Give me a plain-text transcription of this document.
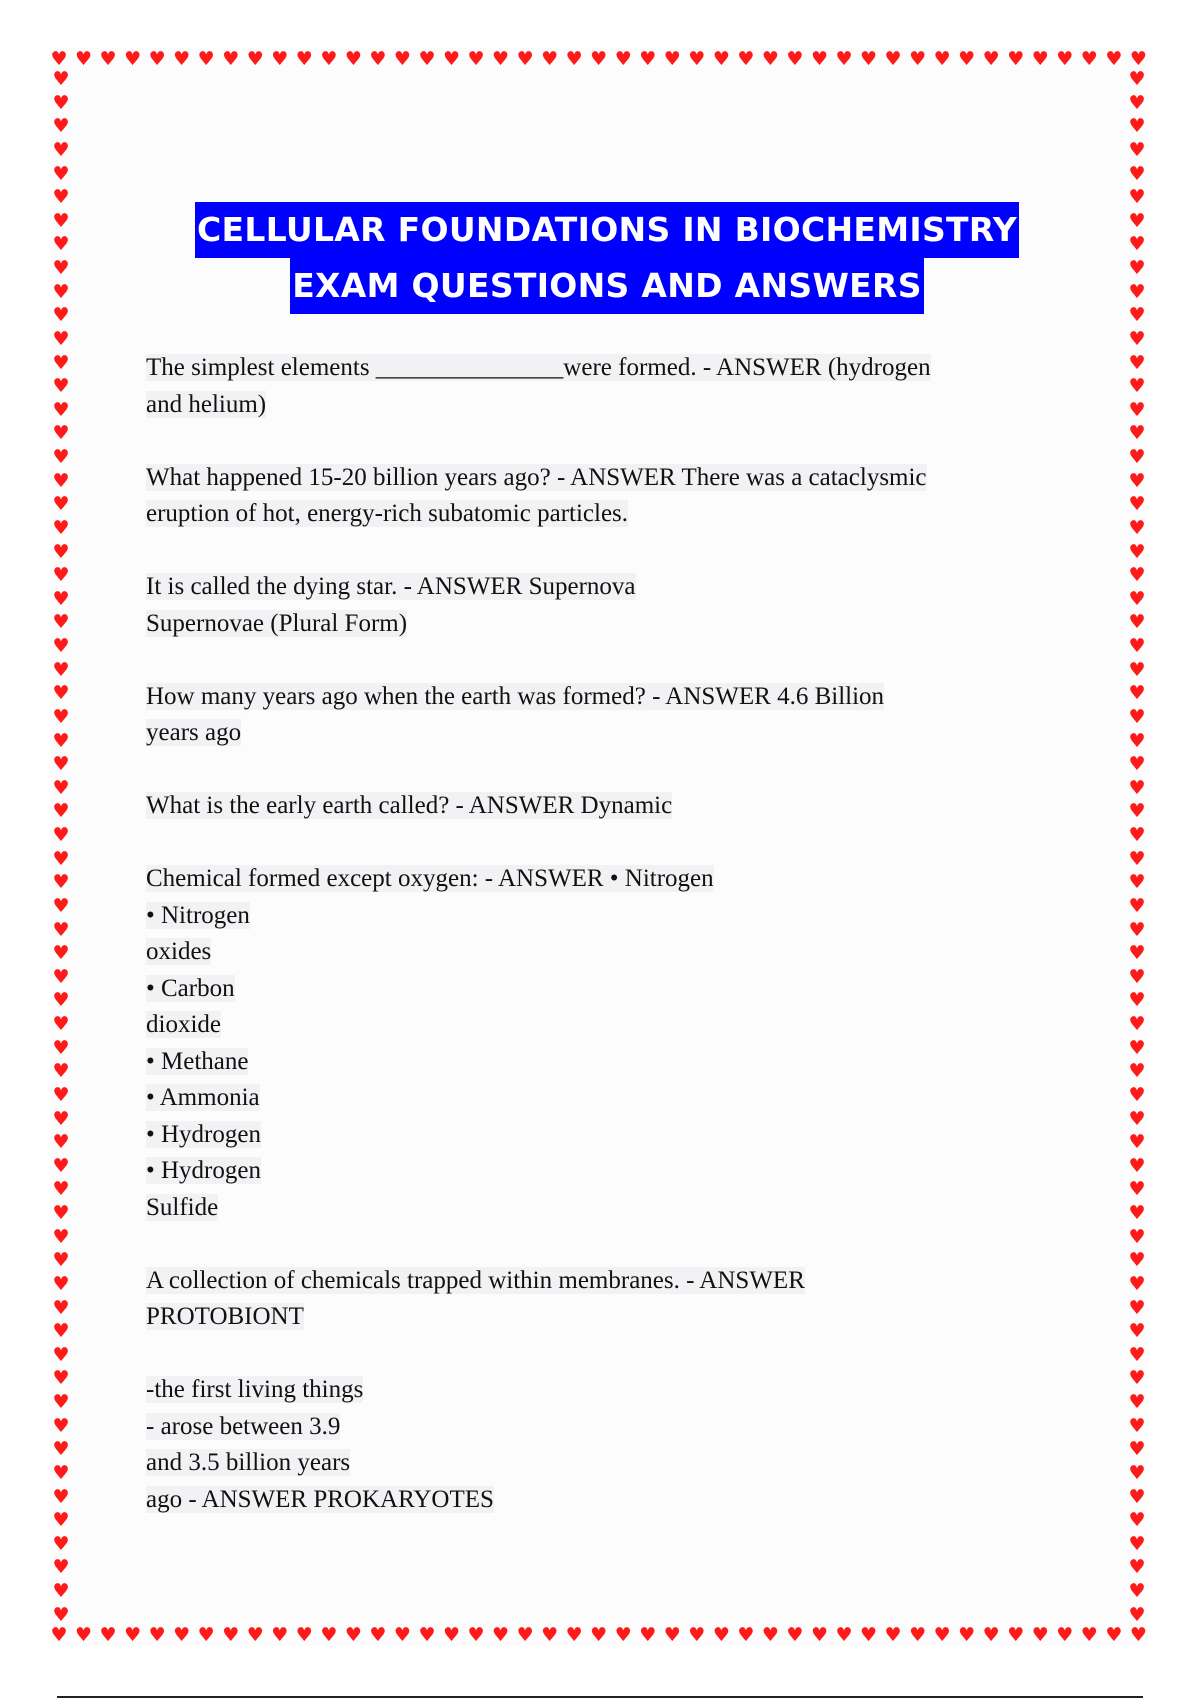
♥ ♥ ♥ ♥ ♥ ♥ ♥ ♥ ♥ ♥ ♥ ♥ ♥ ♥ ♥ ♥ ♥ ♥ ♥ ♥ ♥ ♥ ♥ ♥ ♥ ♥ ♥ ♥ ♥ ♥ ♥ ♥ ♥ ♥ ♥ ♥ ♥ ♥ ♥ ♥ ♥ ♥ ♥ ♥ ♥
♥ ♥ ♥ ♥ ♥ ♥ ♥ ♥ ♥ ♥ ♥ ♥ ♥ ♥ ♥ ♥ ♥ ♥ ♥ ♥ ♥ ♥ ♥ ♥ ♥ ♥ ♥ ♥ ♥ ♥ ♥ ♥ ♥ ♥ ♥ ♥ ♥ ♥ ♥ ♥ ♥ ♥ ♥ ♥ ♥
♥
♥
♥
♥
♥
♥
♥
♥
♥
♥
♥
♥
♥
♥
♥
♥
♥
♥
♥
♥
♥
♥
♥
♥
♥
♥
♥
♥
♥
♥
♥
♥
♥
♥
♥
♥
♥
♥
♥
♥
♥
♥
♥
♥
♥
♥
♥
♥
♥
♥
♥
♥
♥
♥
♥
♥
♥
♥
♥
♥
♥
♥
♥
♥
♥
♥
♥
♥
♥
♥
♥
♥
♥
♥
♥
♥
♥
♥
♥
♥
♥
♥
♥
♥
♥
♥
♥
♥
♥
♥
♥
♥
♥
♥
♥
♥
♥
♥
♥
♥
♥
♥
♥
♥
♥
♥
♥
♥
♥
♥
♥
♥
♥
♥
♥
♥
♥
♥
♥
♥
♥
♥
♥
♥
♥
♥
♥
♥
♥
♥
♥
♥
CELLULAR FOUNDATIONS IN BIOCHEMISTRY
EXAM QUESTIONS AND ANSWERS
The simplest elements _______________were formed. - ANSWER (hydrogen
and helium)
What happened 15-20 billion years ago? - ANSWER There was a cataclysmic
eruption of hot, energy-rich subatomic particles.
It is called the dying star. - ANSWER Supernova
Supernovae (Plural Form)
How many years ago when the earth was formed? - ANSWER 4.6 Billion
years ago
What is the early earth called? - ANSWER Dynamic
Chemical formed except oxygen: - ANSWER • Nitrogen
• Nitrogen
oxides
• Carbon
dioxide
• Methane
• Ammonia
• Hydrogen
• Hydrogen
Sulfide
A collection of chemicals trapped within membranes. - ANSWER
PROTOBIONT
-the first living things
- arose between 3.9
and 3.5 billion years
ago - ANSWER PROKARYOTES
